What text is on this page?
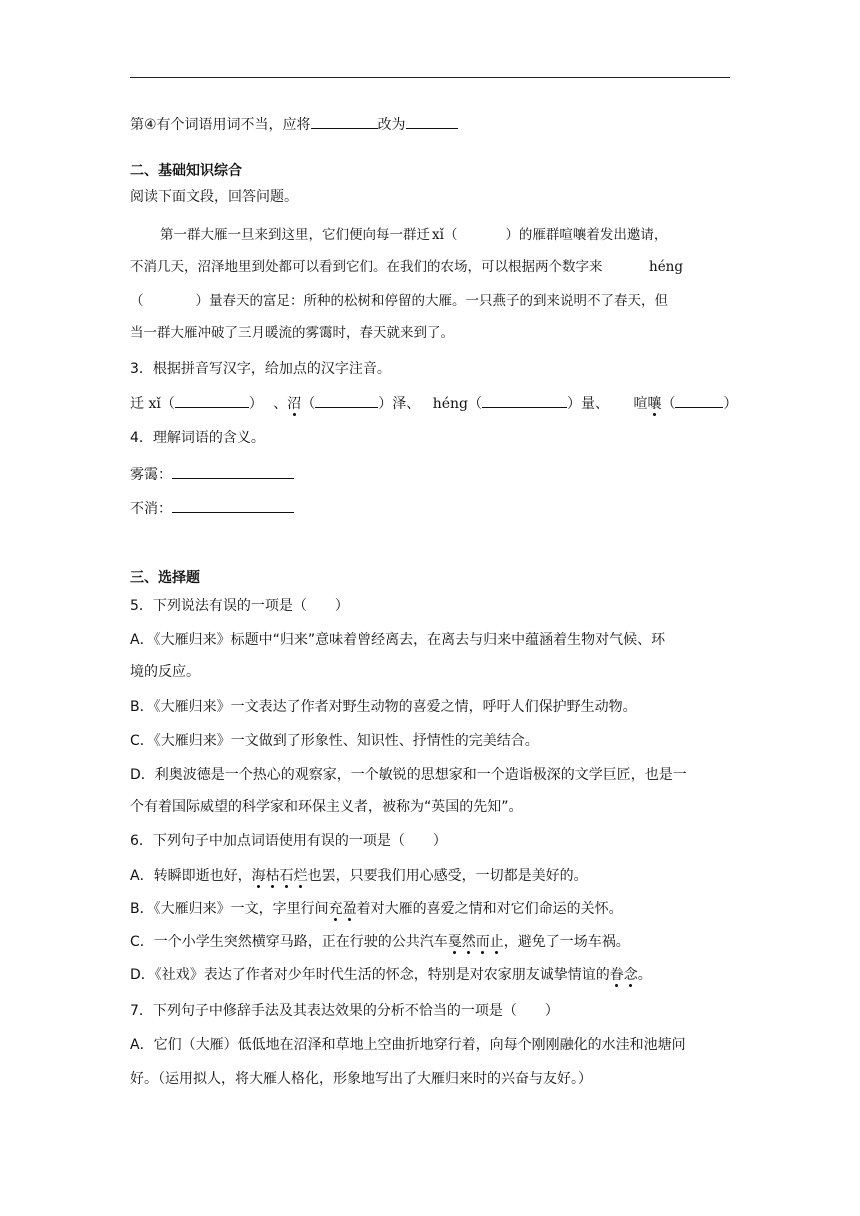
第④有个词语用词不当，应将	改为
二、基础知识综合
阅读下面文段，回答问题。
第一群大雁一旦来到这里，它们便向每一群迁 xǐ（	）的雁群喧嚷着发出邀请，
不消几天，沼泽地里到处都可以看到它们。在我们的农场，可以根据两个数字来	héng
（	）量春天的富足：所种的松树和停留的大雁。一只燕子的到来说明不了春天，但
当一群大雁冲破了三月暖流的雾霭时，春天就来到了。
3．根据拼音写汉字，给加点的汉字注音。
迁 xǐ（	） 、沼（	）泽、 héng（	）量、 喧嚷（	）
4．理解词语的含义。
雾霭：
不消：
三、选择题
5．下列说法有误的一项是（　　）
A．《大雁归来》标题中“归来”意味着曾经离去，在离去与归来中蕴涵着生物对气候、环
境的反应。
B．《大雁归来》一文表达了作者对野生动物的喜爱之情，呼吁人们保护野生动物。
C．《大雁归来》一文做到了形象性、知识性、抒情性的完美结合。
D．利奥波德是一个热心的观察家，一个敏锐的思想家和一个造诣极深的文学巨匠，也是一
个有着国际威望的科学家和环保主义者，被称为“英国的先知”。
6．下列句子中加点词语使用有误的一项是（　　）
A．转瞬即逝也好，海枯石烂也罢，只要我们用心感受，一切都是美好的。
B．《大雁归来》一文，字里行间充盈着对大雁的喜爱之情和对它们命运的关怀。
C．一个小学生突然横穿马路，正在行驶的公共汽车戛然而止，避免了一场车祸。
D．《社戏》表达了作者对少年时代生活的怀念，特别是对农家朋友诚挚情谊的眷念。
7．下列句子中修辞手法及其表达效果的分析不恰当的一项是（　　）
A．它们（大雁）低低地在沼泽和草地上空曲折地穿行着，向每个刚刚融化的水洼和池塘问
好。（运用拟人，将大雁人格化，形象地写出了大雁归来时的兴奋与友好。）
